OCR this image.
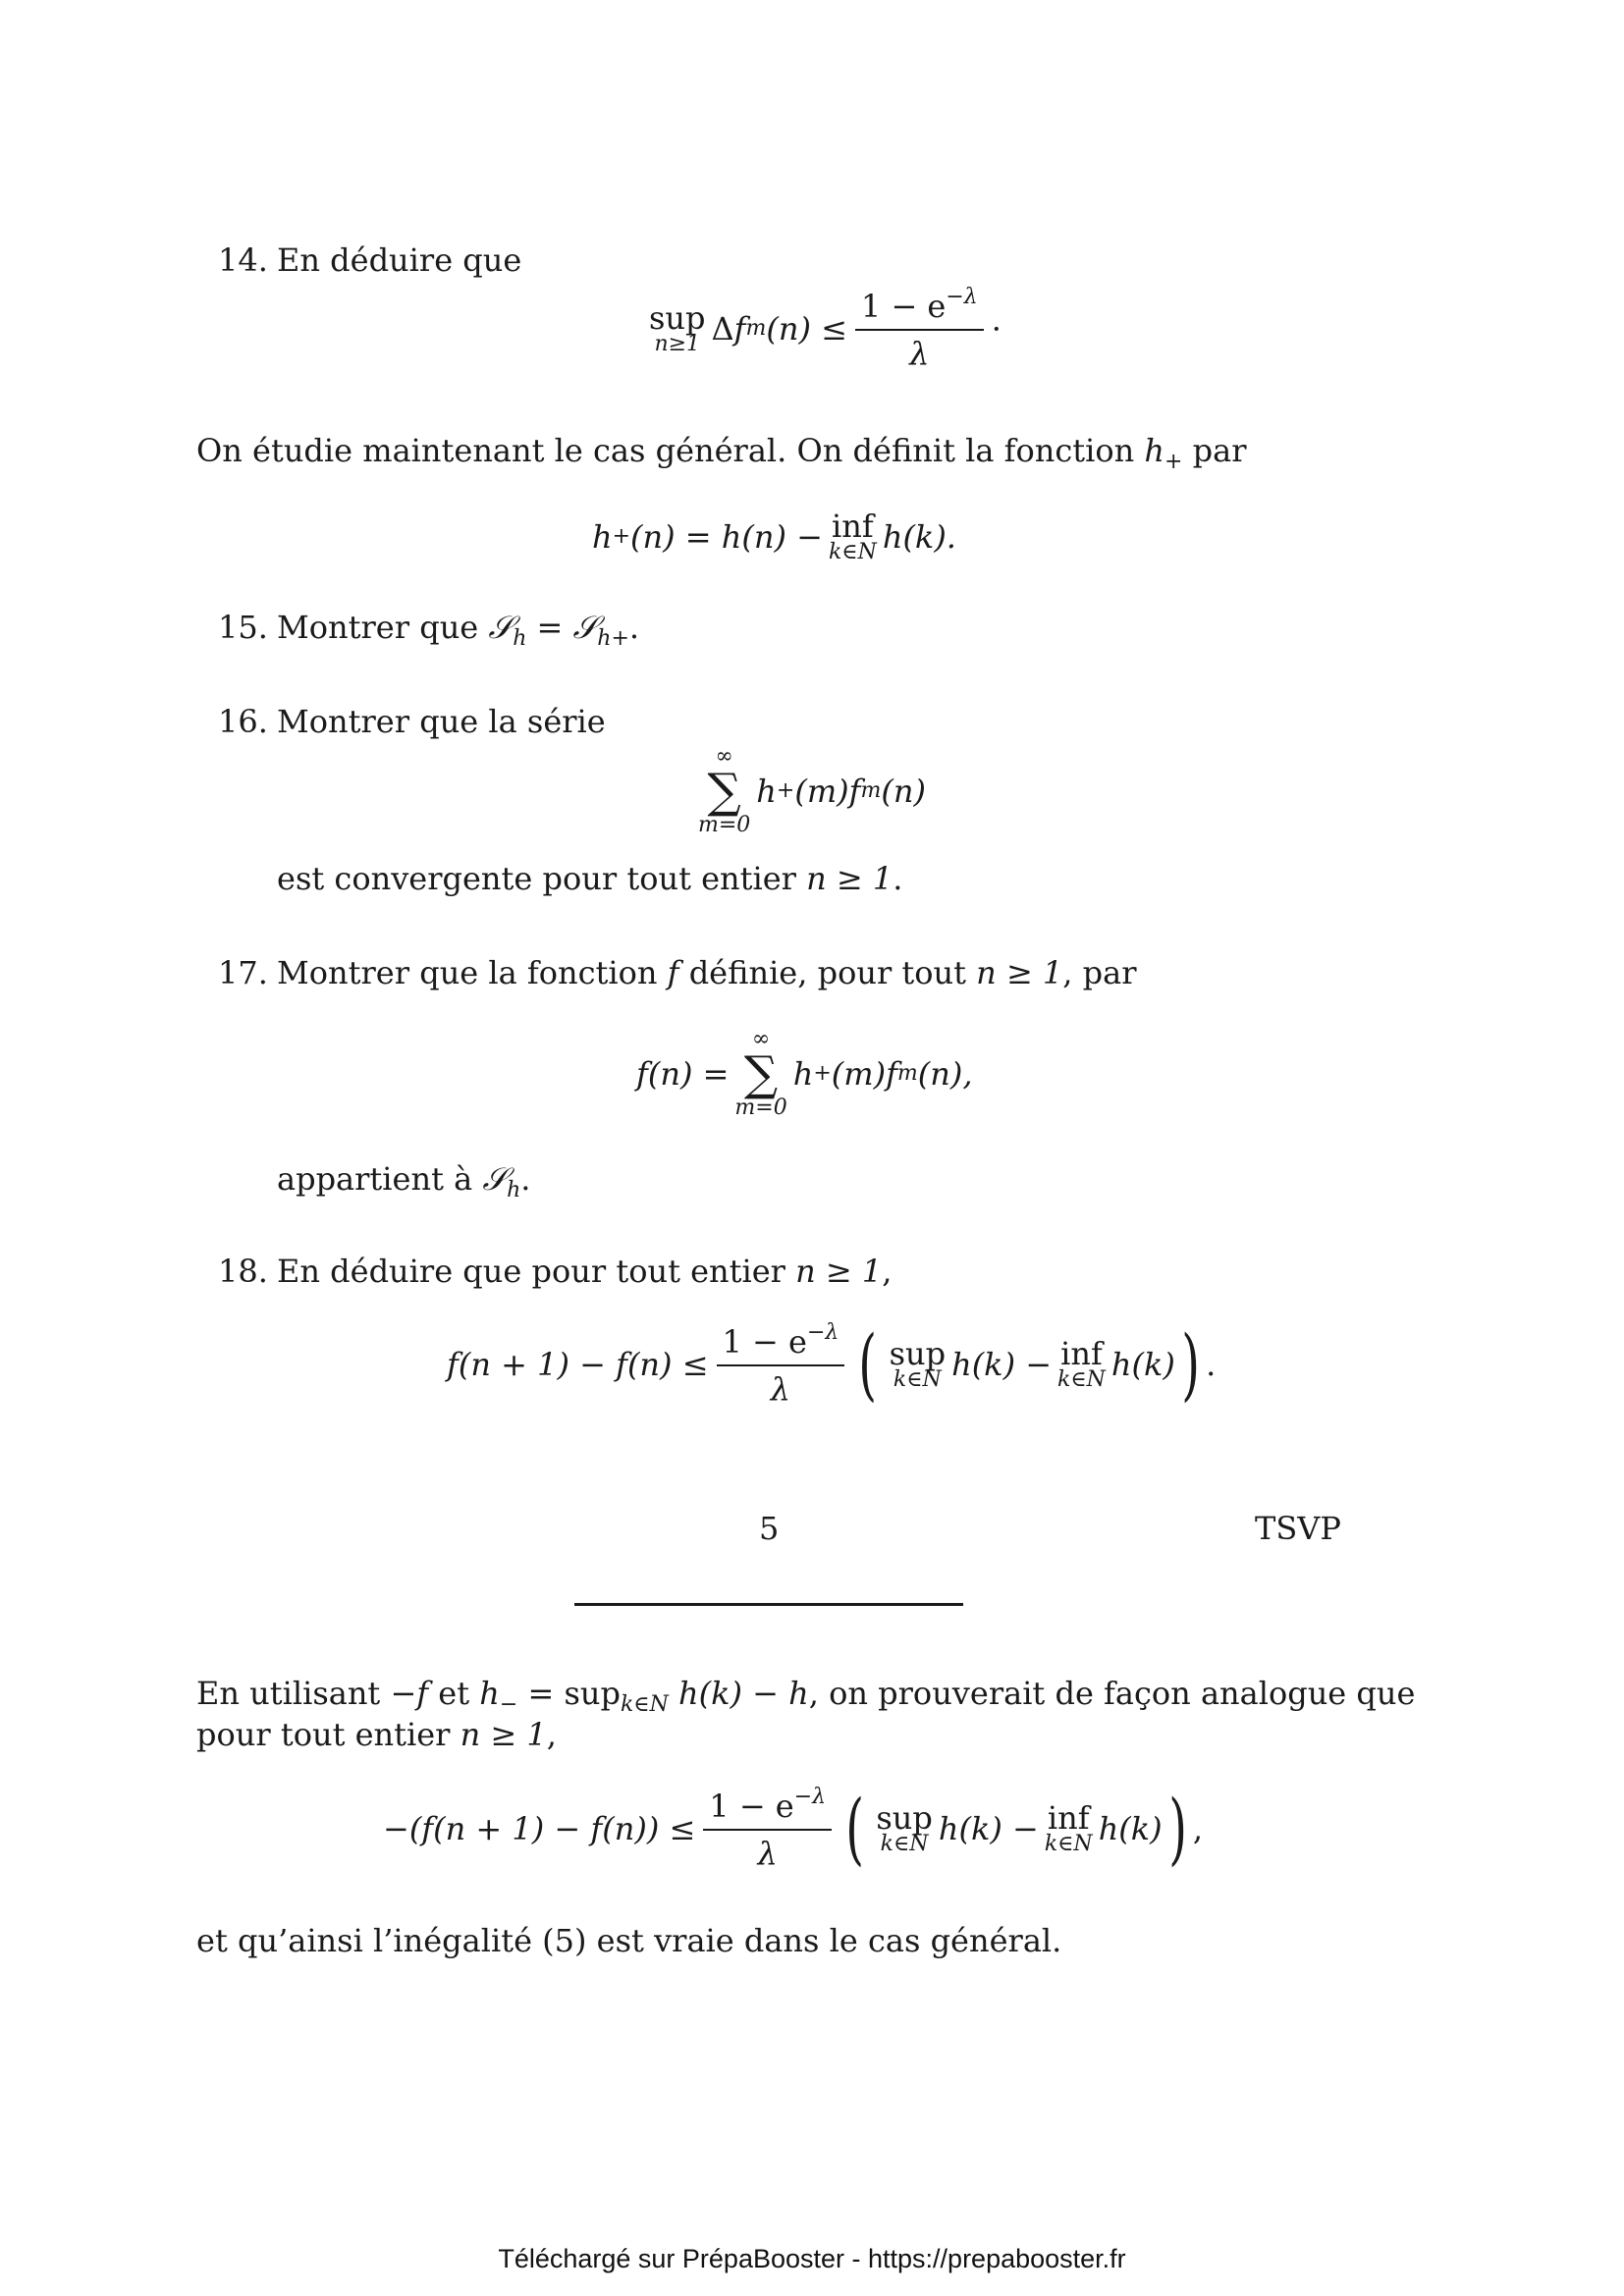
14. En déduire que
sup
n≥1 Δ f m $(n) \le \frac{1 - e^{-\lambda}}{\lambda}$ ·
On étudie maintenant le cas général. On définit la fonction $h_+$ par
h + (n) = h(n) − inf
k∈N h(k).
15. Montrer que 𝒮$_h$ = 𝒮$_{h+}$.
16. Montrer que la série
∞
∑
m=0
h + (m)f m (n)
est convergente pour tout entier n ≥ 1.
17. Montrer que la fonction f définie, pour tout n ≥ 1, par
f(n) =
∞
∑
m=0
h + (m)f m (n),
appartient à 𝒮$_h$.
18. En déduire que pour tout entier n ≥ 1,
$f(n + 1) - f(n) \le \frac{1 - e^{-\lambda}}{\lambda}$ ( sup
k∈N h(k) − inf
k∈N h(k) ) .
En utilisant −f et $h_- = sup_{k\in N}$ h(k) − h, on prouverait de façon analogue que
pour tout entier n ≥ 1,
$-(f(n + 1) - f(n)) \le \frac{1 - e^{-\lambda}}{\lambda}$ ( sup
k∈N h(k) − inf
k∈N h(k) ) ,
et qu’ainsi l’inégalité (5) est vraie dans le cas général.
5	TSVP
Téléchargé sur PrépaBooster - https://prepabooster.fr
